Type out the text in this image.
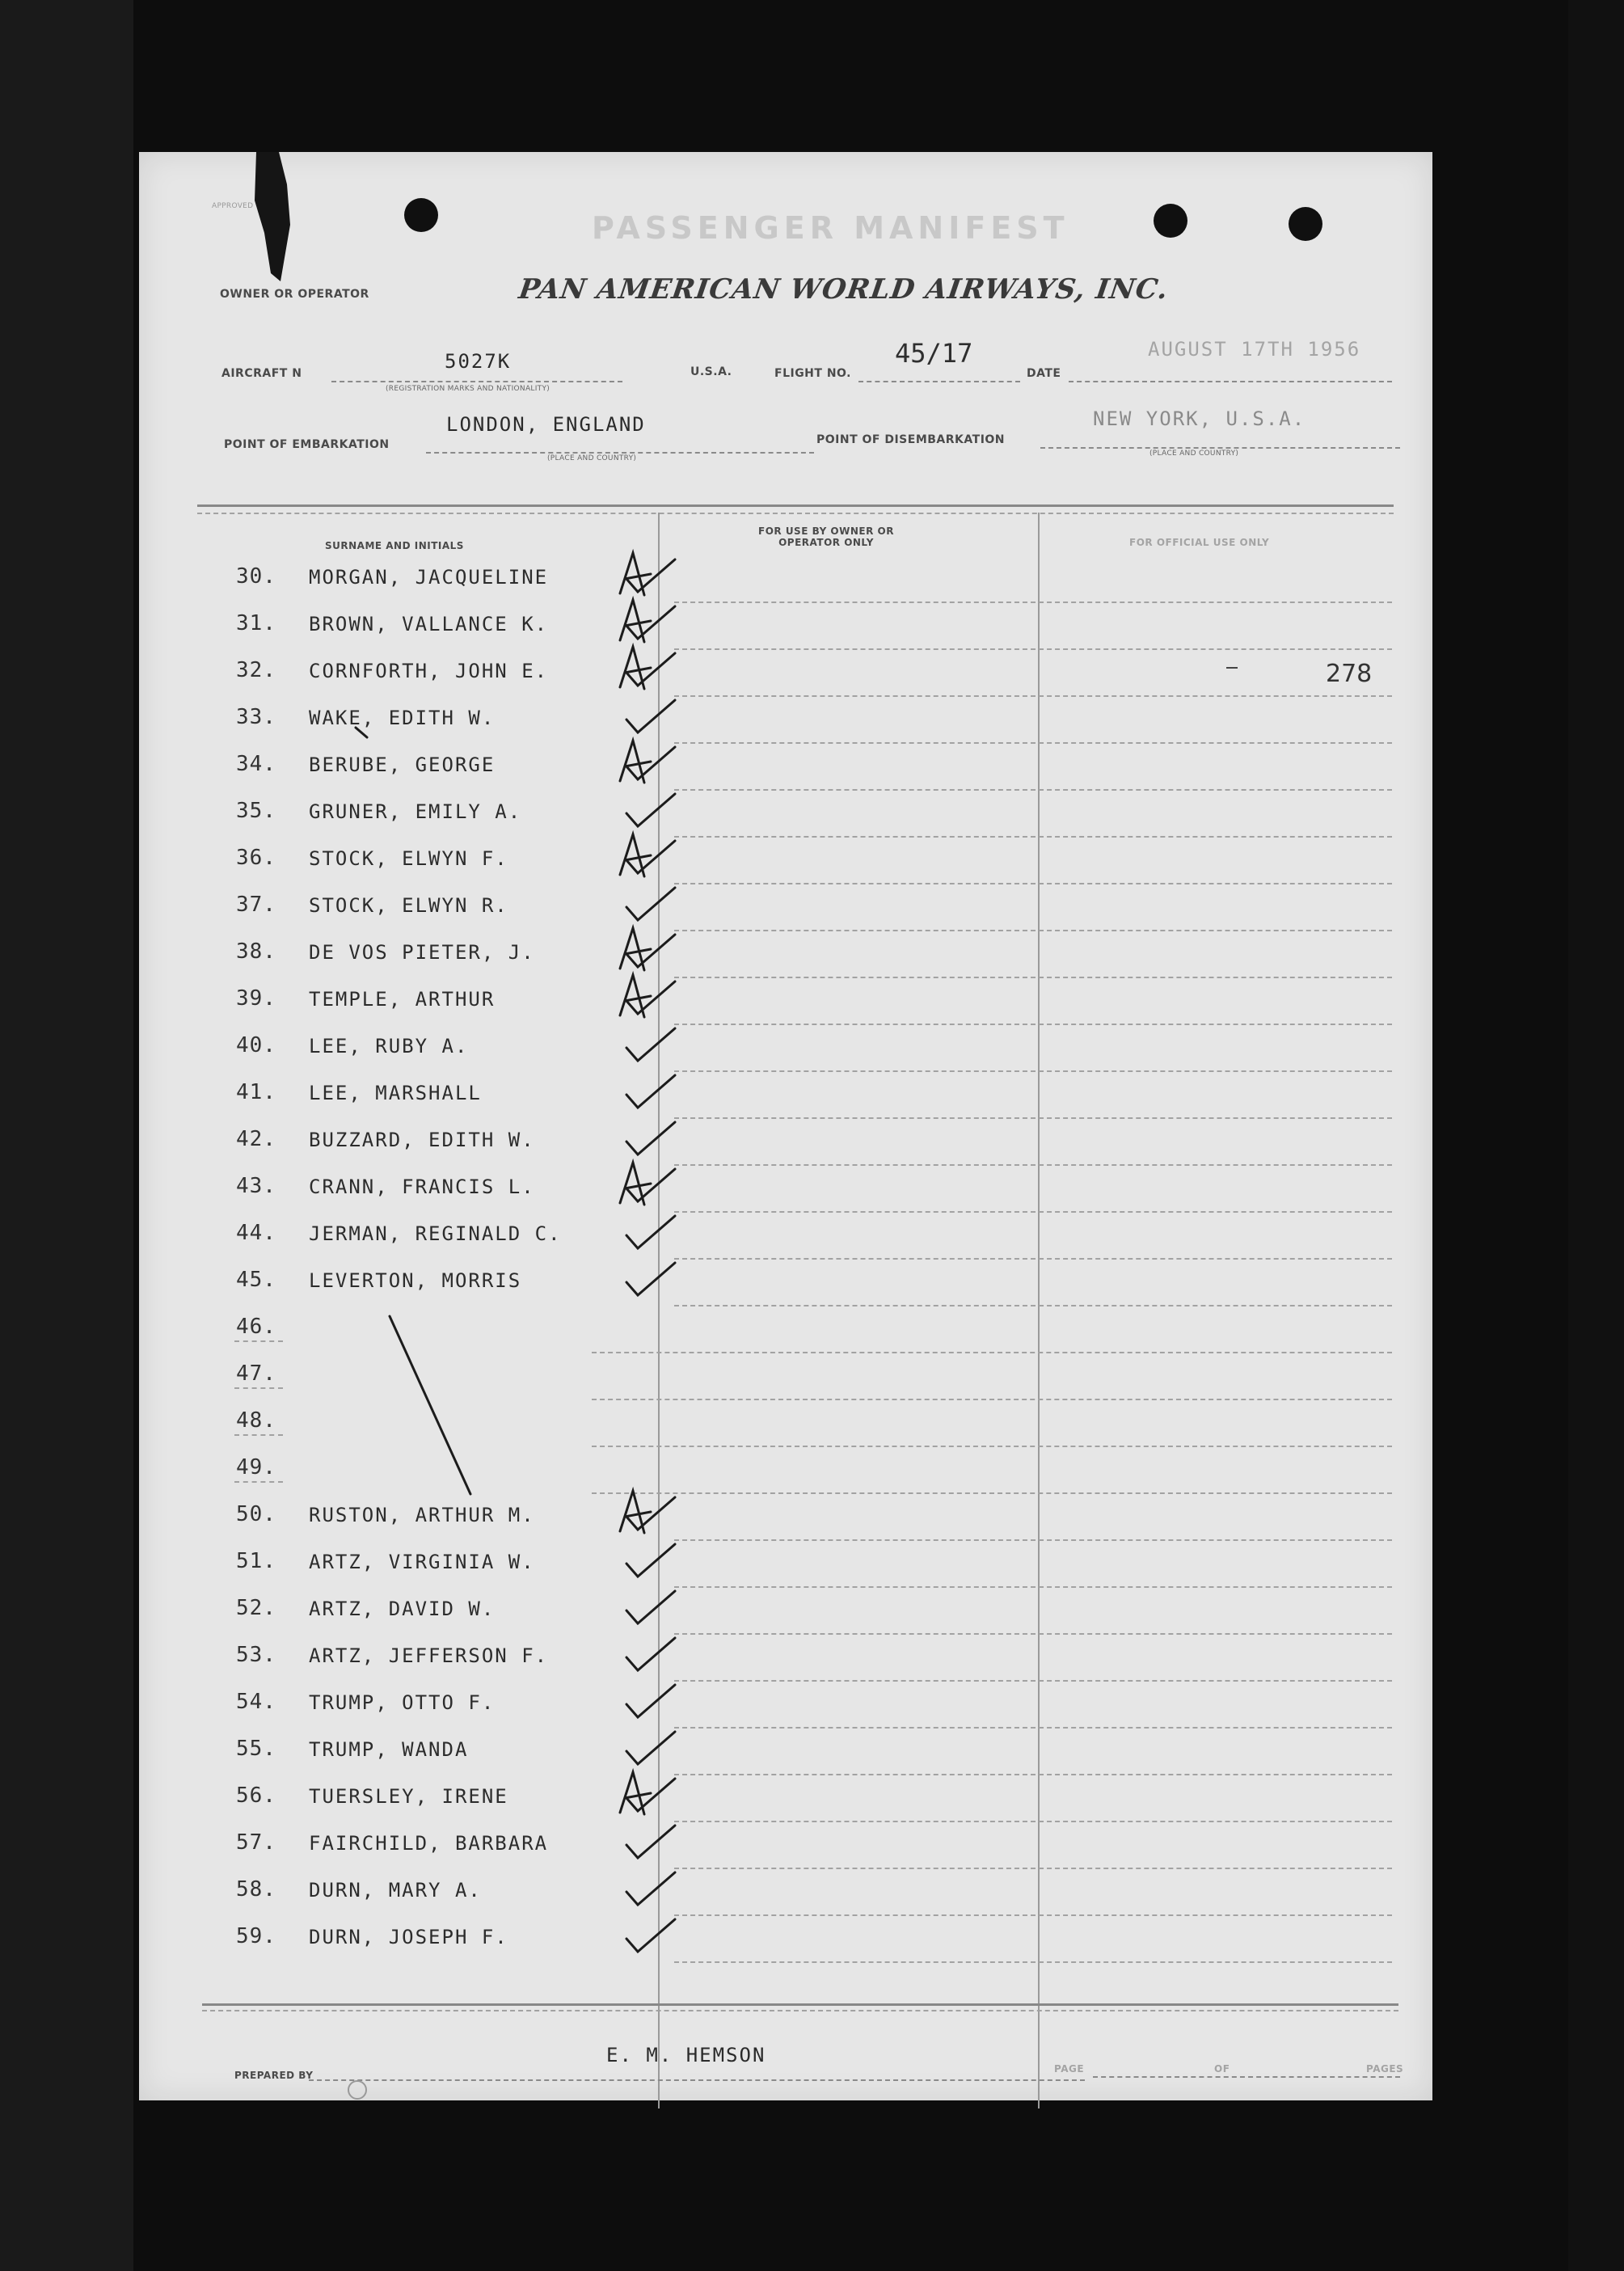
APPROVED
PASSENGER MANIFEST
OWNER OR OPERATOR	PAN AMERICAN WORLD AIRWAYS, INC.
AIRCRAFT N
5027K
(REGISTRATION MARKS AND NATIONALITY)
U.S.A.	FLIGHT NO.
45/17
DATE
AUGUST 17TH 1956
POINT OF EMBARKATION
LONDON, ENGLAND
(PLACE AND COUNTRY)
POINT OF DISEMBARKATION
NEW YORK, U.S.A.
(PLACE AND COUNTRY)
SURNAME AND INITIALS
FOR USE BY OWNER OR OPERATOR ONLY	FOR OFFICIAL USE ONLY
278
30. MORGAN, JACQUELINE
31. BROWN, VALLANCE K.
32. CORNFORTH, JOHN E.
33. WAKE, EDITH W.
34. BERUBE, GEORGE
35. GRUNER, EMILY A.
36. STOCK, ELWYN F.
37. STOCK, ELWYN R.
38. DE VOS PIETER, J.
39. TEMPLE, ARTHUR
40. LEE, RUBY A.
41. LEE, MARSHALL
42. BUZZARD, EDITH W.
43. CRANN, FRANCIS L.
44. JERMAN, REGINALD C.
45. LEVERTON, MORRIS
46.
47.
48.
49.
50. RUSTON, ARTHUR M.
51. ARTZ, VIRGINIA W.
52. ARTZ, DAVID W.
53. ARTZ, JEFFERSON F.
54. TRUMP, OTTO F.
55. TRUMP, WANDA
56. TUERSLEY, IRENE
57. FAIRCHILD, BARBARA
58. DURN, MARY A.
59. DURN, JOSEPH F.
PREPARED BY
E. M. HEMSON
PAGE	OF	PAGES
